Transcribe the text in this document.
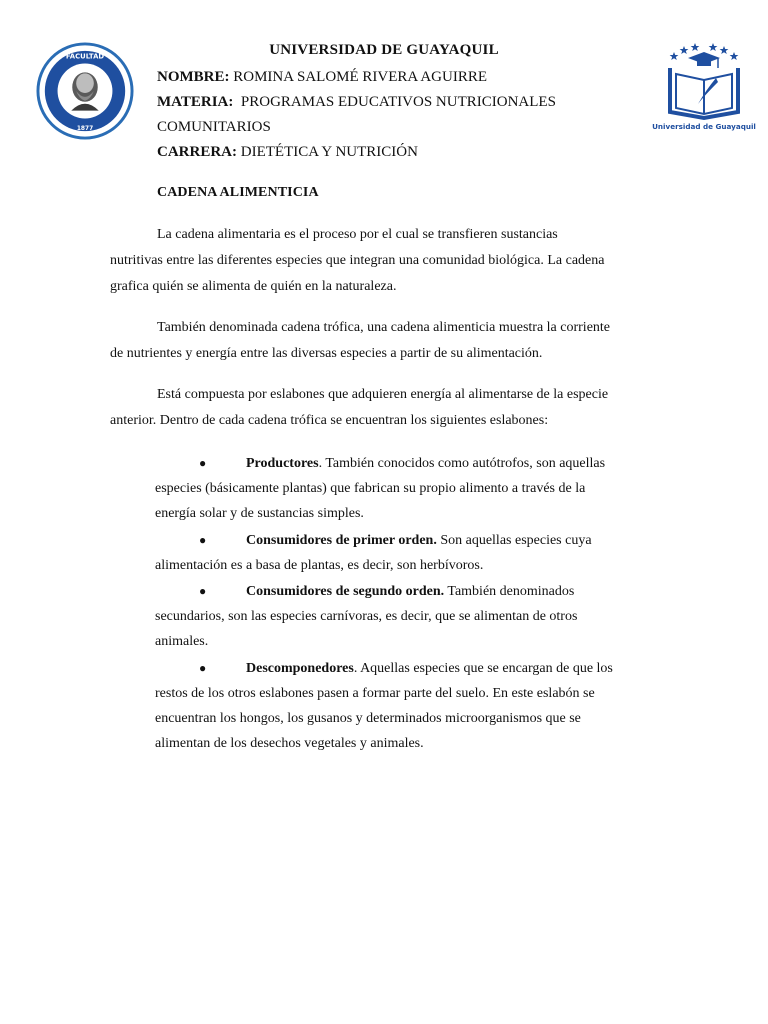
FACULTAD
1877	Universidad de Guayaquil
UNIVERSIDAD DE GUAYAQUIL
NOMBRE: ROMINA SALOMÉ RIVERA AGUIRRE
MATERIA: PROGRAMAS EDUCATIVOS NUTRICIONALES
COMUNITARIOS
CARRERA: DIETÉTICA Y NUTRICIÓN
CADENA ALIMENTICIA
La cadena alimentaria es el proceso por el cual se transfieren sustancias
nutritivas entre las diferentes especies que integran una comunidad biológica. La cadena
grafica quién se alimenta de quién en la naturaleza.
También denominada cadena trófica, una cadena alimenticia muestra la corriente
de nutrientes y energía entre las diversas especies a partir de su alimentación.
Está compuesta por eslabones que adquieren energía al alimentarse de la especie
anterior. Dentro de cada cadena trófica se encuentran los siguientes eslabones:
●	Productores. También conocidos como autótrofos, son aquellas
especies (básicamente plantas) que fabrican su propio alimento a través de la
energía solar y de sustancias simples.
●	Consumidores de primer orden. Son aquellas especies cuya
alimentación es a basa de plantas, es decir, son herbívoros.
●	Consumidores de segundo orden. También denominados
secundarios, son las especies carnívoras, es decir, que se alimentan de otros
animales.
●	Descomponedores. Aquellas especies que se encargan de que los
restos de los otros eslabones pasen a formar parte del suelo. En este eslabón se
encuentran los hongos, los gusanos y determinados microorganismos que se
alimentan de los desechos vegetales y animales.
